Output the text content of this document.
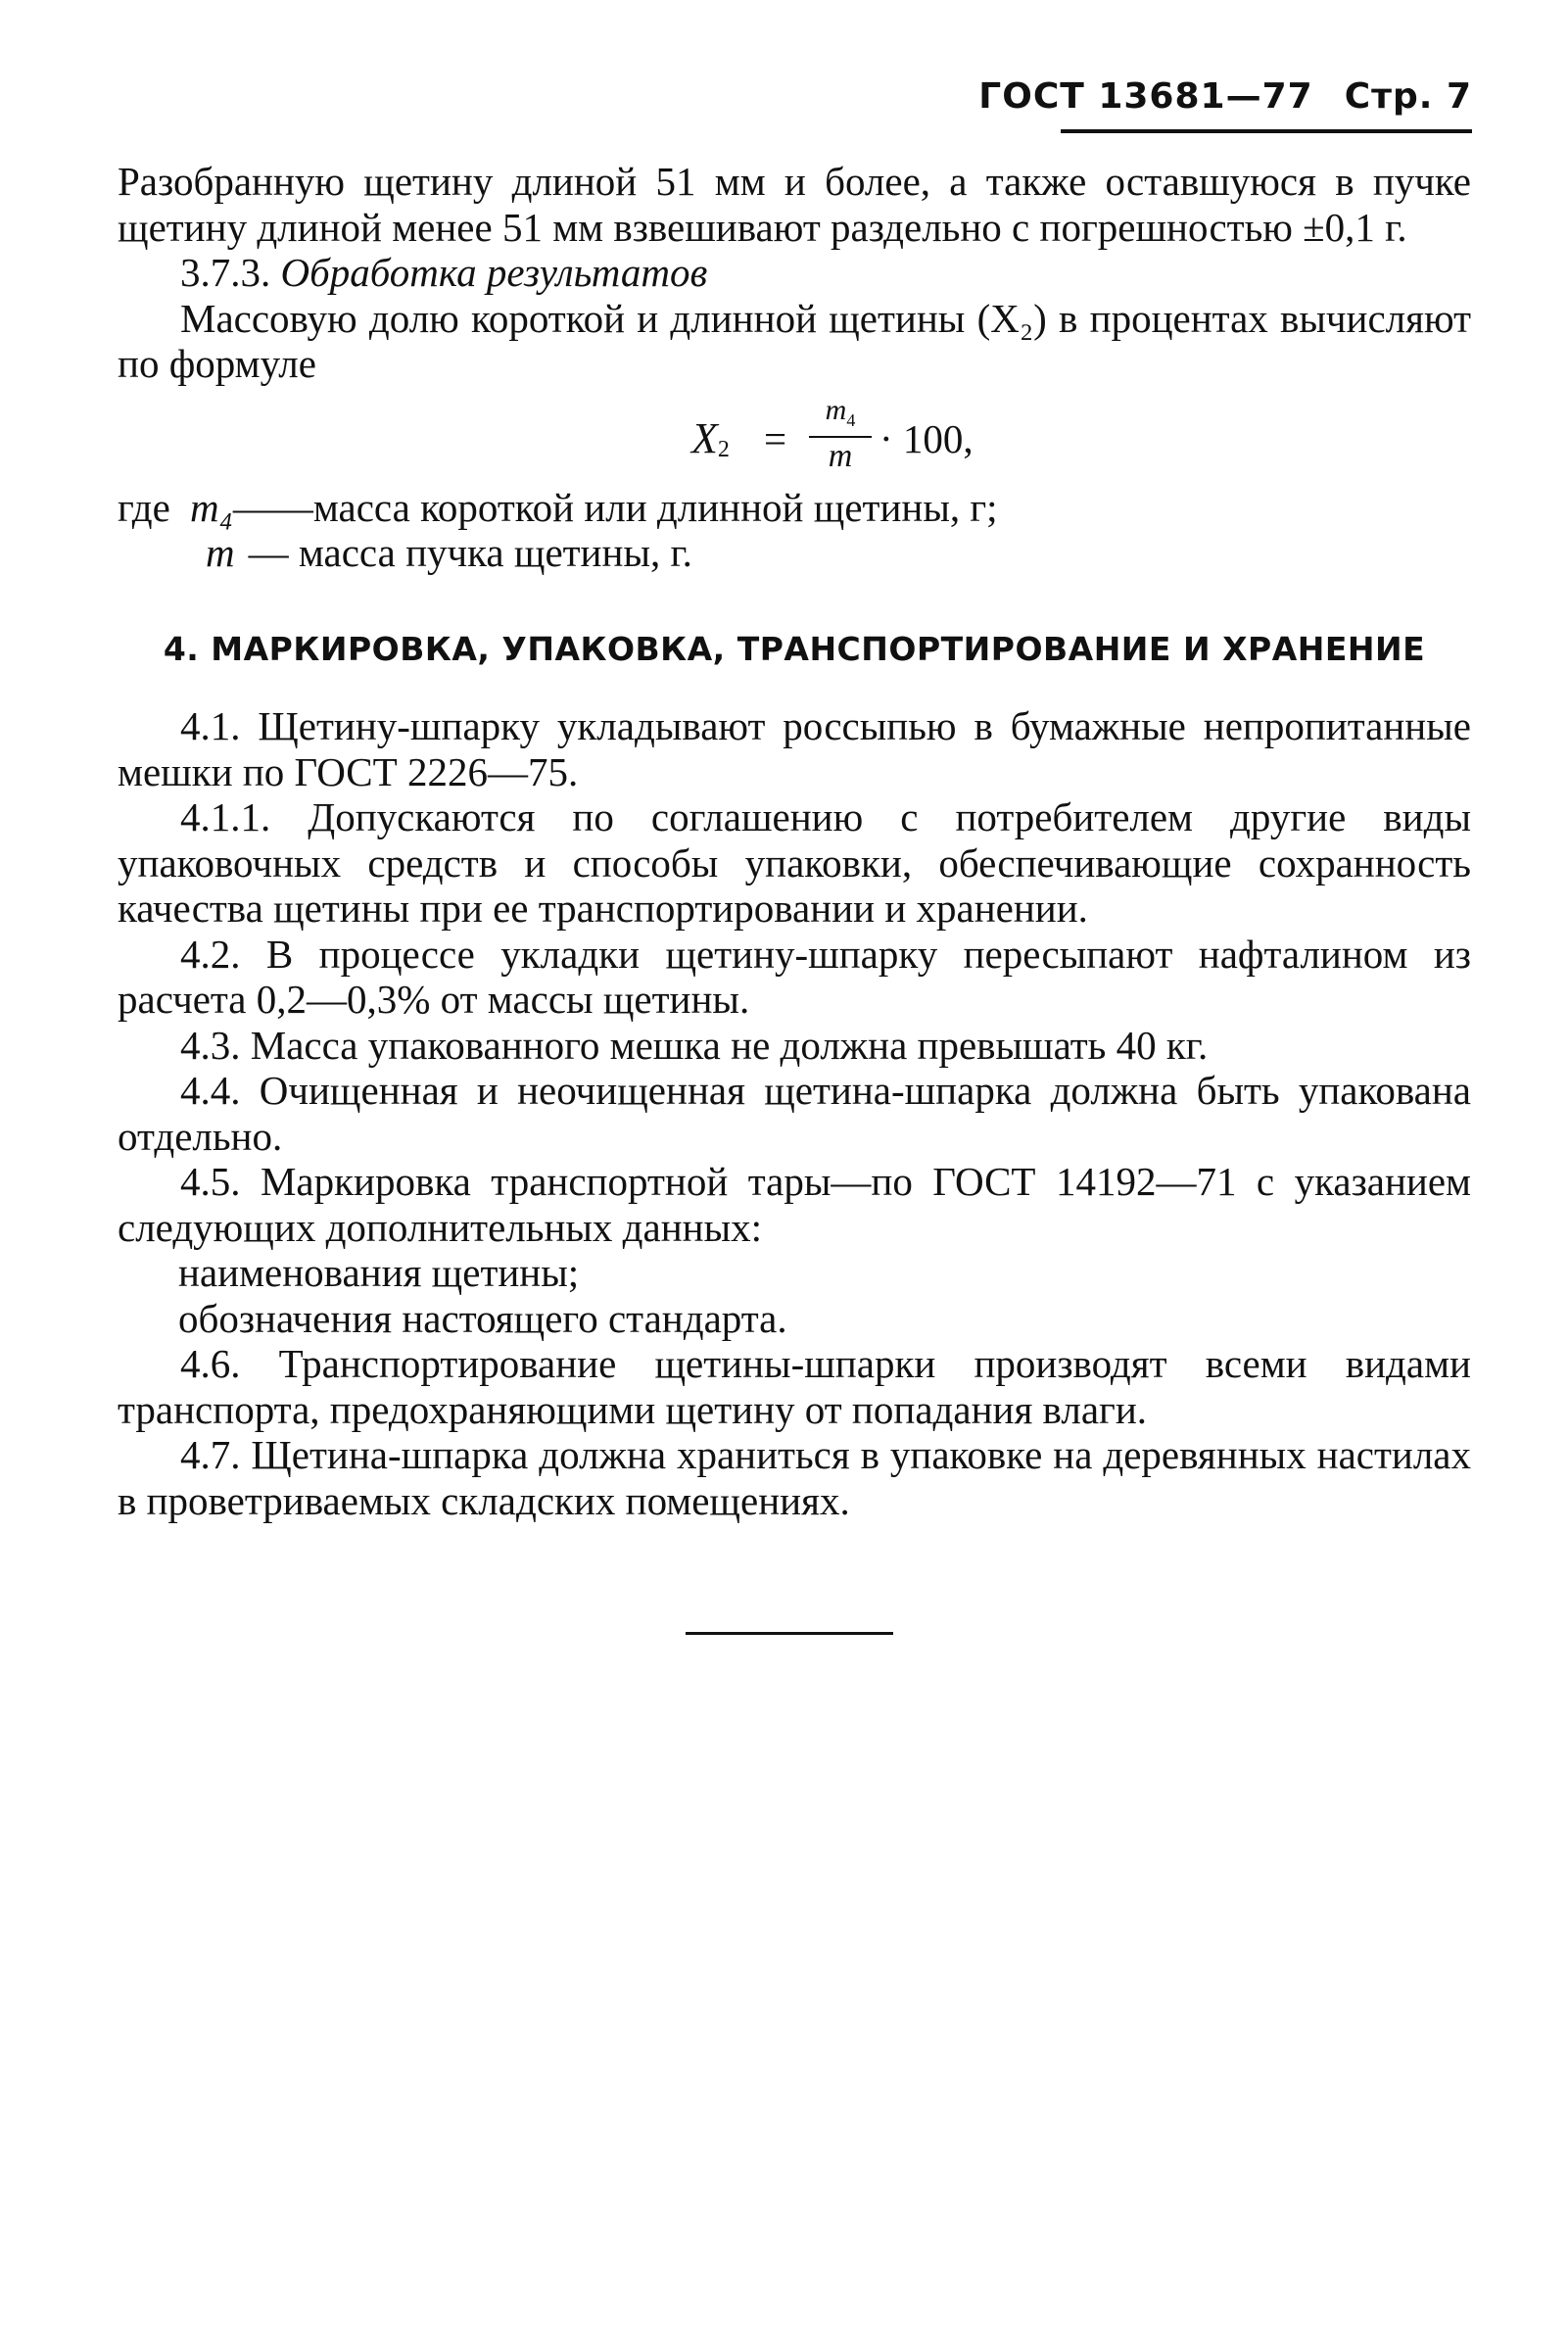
ГОСТ 13681—77 Стр. 7

Разобранную щетину длиной 51 мм и более, а также оставшуюся в пучке щетину длиной менее 51 мм взвешивают раздельно с погрешностью ±0,1 г.

3.7.3. Обработка результатов

Массовую долю короткой и длинной щетины (X₂) в процентах вычисляют по формуле

$X_2 = \frac{m_4}{m} \cdot 100$,
где m₄ ——масса короткой или длинной щетины, г;
m — масса пучка щетины, г.
4. МАРКИРОВКА, УПАКОВКА, ТРАНСПОРТИРОВАНИЕ И ХРАНЕНИЕ

4.1. Щетину-шпарку укладывают россыпью в бумажные непропитанные мешки по ГОСТ 2226—75.

4.1.1. Допускаются по соглашению с потребителем другие виды упаковочных средств и способы упаковки, обеспечивающие сохранность качества щетины при ее транспортировании и хранении.

4.2. В процессе укладки щетину-шпарку пересыпают нафталином из расчета 0,2—0,3% от массы щетины.

4.3. Масса упакованного мешка не должна превышать 40 кг.

4.4. Очищенная и неочищенная щетина-шпарка должна быть упакована отдельно.

4.5. Маркировка транспортной тары—по ГОСТ 14192—71 с указанием следующих дополнительных данных:

наименования щетины;

обозначения настоящего стандарта.

4.6. Транспортирование щетины-шпарки производят всеми видами транспорта, предохраняющими щетину от попадания влаги.

4.7. Щетина-шпарка должна храниться в упаковке на деревянных настилах в проветриваемых складских помещениях.
